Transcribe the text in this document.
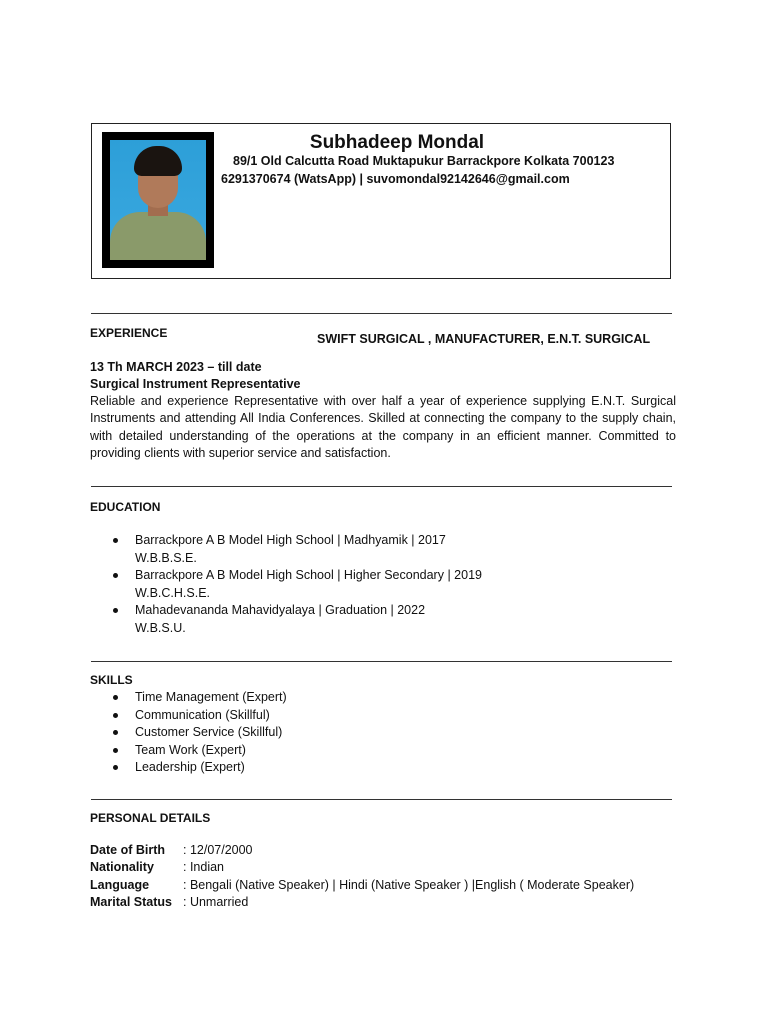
Subhadeep Mondal
89/1 Old Calcutta Road Muktapukur Barrackpore Kolkata 700123
6291370674 (WatsApp) | suvomondal92142646@gmail.com
EXPERIENCE	SWIFT SURGICAL , MANUFACTURER, E.N.T. SURGICAL
13 Th MARCH 2023 – till date
Surgical Instrument Representative
Reliable and experience Representative with over half a year of experience supplying E.N.T. Surgical Instruments and attending All India Conferences. Skilled at connecting the company to the supply chain, with detailed understanding of the operations at the company in an efficient manner. Committed to providing clients with superior service and satisfaction.
EDUCATION
Barrackpore A B Model High School | Madhyamik | 2017
W.B.B.S.E.
Barrackpore A B Model High School | Higher Secondary | 2019
W.B.C.H.S.E.
Mahadevananda Mahavidyalaya | Graduation | 2022
W.B.S.U.
SKILLS
Time Management (Expert)
Communication (Skillful)
Customer Service (Skillful)
Team Work (Expert)
Leadership (Expert)
PERSONAL DETAILS
Date of Birth : 12/07/2000
Nationality : Indian
Language	: Bengali (Native Speaker) | Hindi (Native Speaker ) |English ( Moderate Speaker)
Marital Status : Unmarried
